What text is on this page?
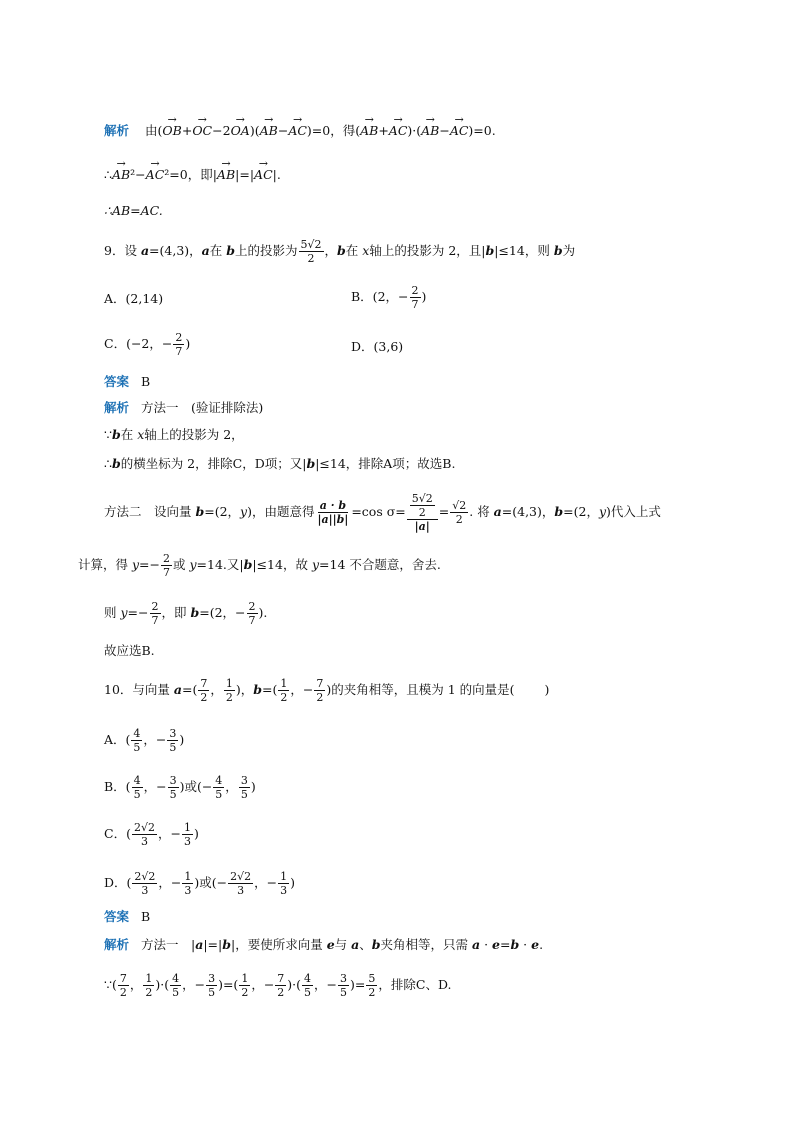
解析 由(→ OB+→ OC−2→ OA)(→ AB−→ AC)=0，得(→ AB+→ AC)·(→ AB−→ AC)=0.
∴→ AB²−→ AC²=0，即|→ AB|=|→ AC|.
∴AB=AC.
9．设 a=(4,3)，a在 b上的投影为 $\frac{5√2}{2}$ ，b在 x轴上的投影为 2，且|b|≤14，则 b为
A．(2,14)	B．(2，− $\frac{2}{7}$ )
C．(−2，− $\frac{2}{7}$ )	D．(3,6)
答案 B
解析 方法一　(验证排除法)
∵b在 x轴上的投影为 2，
∴b的横坐标为 2，排除C，D项；又|b|≤14，排除A项；故选B.
方法二　设向量 b=(2，y)，由题意得 $\frac{a \cdot b}{|a||b|} =\cos$ $\sigma= \frac{\frac{5√2}{2}}{|a|} = \frac{√2}{2}$ . 将 a=(4,3)，b=(2，y)代入上式
计算，得 $y=- \frac{2}{7}$ 或 y=14.又|b|≤14，故 y=14 不合题意，舍去.
则 $y=- \frac{2}{7}$ ，即 b=(2，− $\frac{2}{7}$ ).
故应选B.
10．与向量 $a=( \frac{7}{2}$ ， $\frac{1}{2}$ )，$b=( \frac{1}{2}$ ，− $\frac{7}{2}$ )的夹角相等，且模为 1 的向量是( )
A．( $\frac{4}{5}$ ，− $\frac{3}{5}$ )
B．( $\frac{4}{5}$ ，− $\frac{3}{5}$ )或(− $\frac{4}{5}$ ， $\frac{3}{5}$ )
C．( $\frac{2√2}{3}$ ，− $\frac{1}{3}$ )
D．( $\frac{2√2}{3}$ ，− $\frac{1}{3}$ )或(− $\frac{2√2}{3}$ ，− $\frac{1}{3}$ )
答案 B
解析 方法一　|a|=|b|，要使所求向量 e与 a、b夹角相等，只需 a · e=b · e.
∵( $\frac{7}{2}$ ， $\frac{1}{2}$ )·( $\frac{4}{5}$ ，− $\frac{3}{5}$ )=( $\frac{1}{2}$ ，− $\frac{7}{2}$ )·( $\frac{4}{5}$ ，− $\frac{3}{5}$ )= $\frac{5}{2}$ ，排除C、D.
